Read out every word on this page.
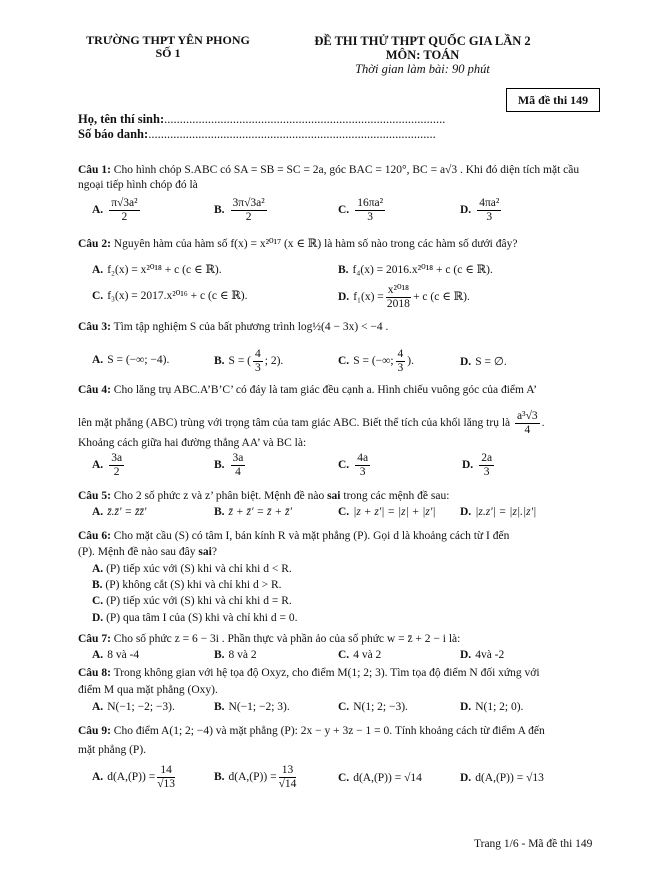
TRƯỜNG THPT YÊN PHONG
SỐ 1
ĐỀ THI THỬ THPT QUỐC GIA LẦN 2
MÔN: TOÁN
Thời gian làm bài: 90 phút
Mã đề thi 149
Họ, tên thí sinh:..........................................................................................
Số báo danh:............................................................................................
Câu 1: Cho hình chóp S.ABC có SA = SB = SC = 2a, góc BAC = 120°, BC = a√3 . Khi đó diện tích mặt cầu ngoại tiếp hình chóp đó là
A. $\frac{\text{π√3a²}}{2}$	B. $\frac{\text{3π√3a²}}{2}$	C. $\frac{\text{16πa²}}{3}$	D. $\frac{\text{4πa²}}{3}$
Câu 2: Nguyên hàm của hàm số f(x) = x²⁰¹⁷ (x ∈ ℝ) là hàm số nào trong các hàm số dưới đây?
A. f₂(x) = x²⁰¹⁸ + c (c ∈ ℝ).	B. f₄(x) = 2016.x²⁰¹⁸ + c (c ∈ ℝ).
C. f₃(x) = 2017.x²⁰¹⁶ + c (c ∈ ℝ).	D. $f_1(x) = \frac{\text{x²⁰¹⁸}}{2018} + c$ (c ∈ ℝ).
Câu 3: Tìm tập nghiệm S của bất phương trình log½(4 − 3x) < −4 .
A. S = (−∞; −4).	B. S = ( $\frac{4}{3}$ ; 2).	C. S = (−∞; $\frac{4}{3}$ ).	D. S = ∅.
Câu 4: Cho lăng trụ ABC.A’B’C’ có đáy là tam giác đều cạnh a. Hình chiếu vuông góc của điểm A’
lên mặt phẳng (ABC) trùng với trọng tâm của tam giác ABC. Biết thể tích của khối lăng trụ là $\frac{\text{a³√3}}{4}$ .
Khoảng cách giữa hai đường thẳng AA’ và BC là:
A. $\frac{3a}{2}$	B. $\frac{3a}{4}$	C. $\frac{4a}{3}$	D. $\frac{2a}{3}$
Câu 5: Cho 2 số phức z và z’ phân biệt. Mệnh đề nào sai trong các mệnh đề sau:
A. z̄.z̄' = z̄z̄'	B. z̄ + z̄' = z̄ + z̄'	C. |z + z'| = |z| + |z'| D. |z.z'| = |z|.|z'|
Câu 6: Cho mặt cầu (S) có tâm I, bán kính R và mặt phẳng (P). Gọi d là khoảng cách từ I đến
(P). Mệnh đề nào sau đây sai?
A. (P) tiếp xúc với (S) khi và chỉ khi d < R.
B. (P) không cắt (S) khi và chỉ khi d > R.
C. (P) tiếp xúc với (S) khi và chỉ khi d = R.
D. (P) qua tâm I của (S) khi và chỉ khi d = 0.
Câu 7: Cho số phức z = 6 − 3i . Phần thực và phần ảo của số phức w = z̄ + 2 − i là:
A. 8 và -4	B. 8 và 2	C. 4 và 2	D. 4và -2
Câu 8: Trong không gian với hệ tọa độ Oxyz, cho điểm M(1; 2; 3). Tìm tọa độ điểm N đối xứng với
điểm M qua mặt phẳng (Oxy).
A. N(−1; −2; −3).	B. N(−1; −2; 3).	C. N(1; 2; −3).	D. N(1; 2; 0).
Câu 9: Cho điểm A(1; 2; −4) và mặt phẳng (P): 2x − y + 3z − 1 = 0. Tính khoảng cách từ điểm A đến
mặt phẳng (P).
A. $d(A,(P)) = \frac{14}{√13}$	B. $d(A,(P)) = \frac{13}{√14}$	C. d(A,(P)) = √14	D. d(A,(P)) = √13
Trang 1/6 - Mã đề thi 149
